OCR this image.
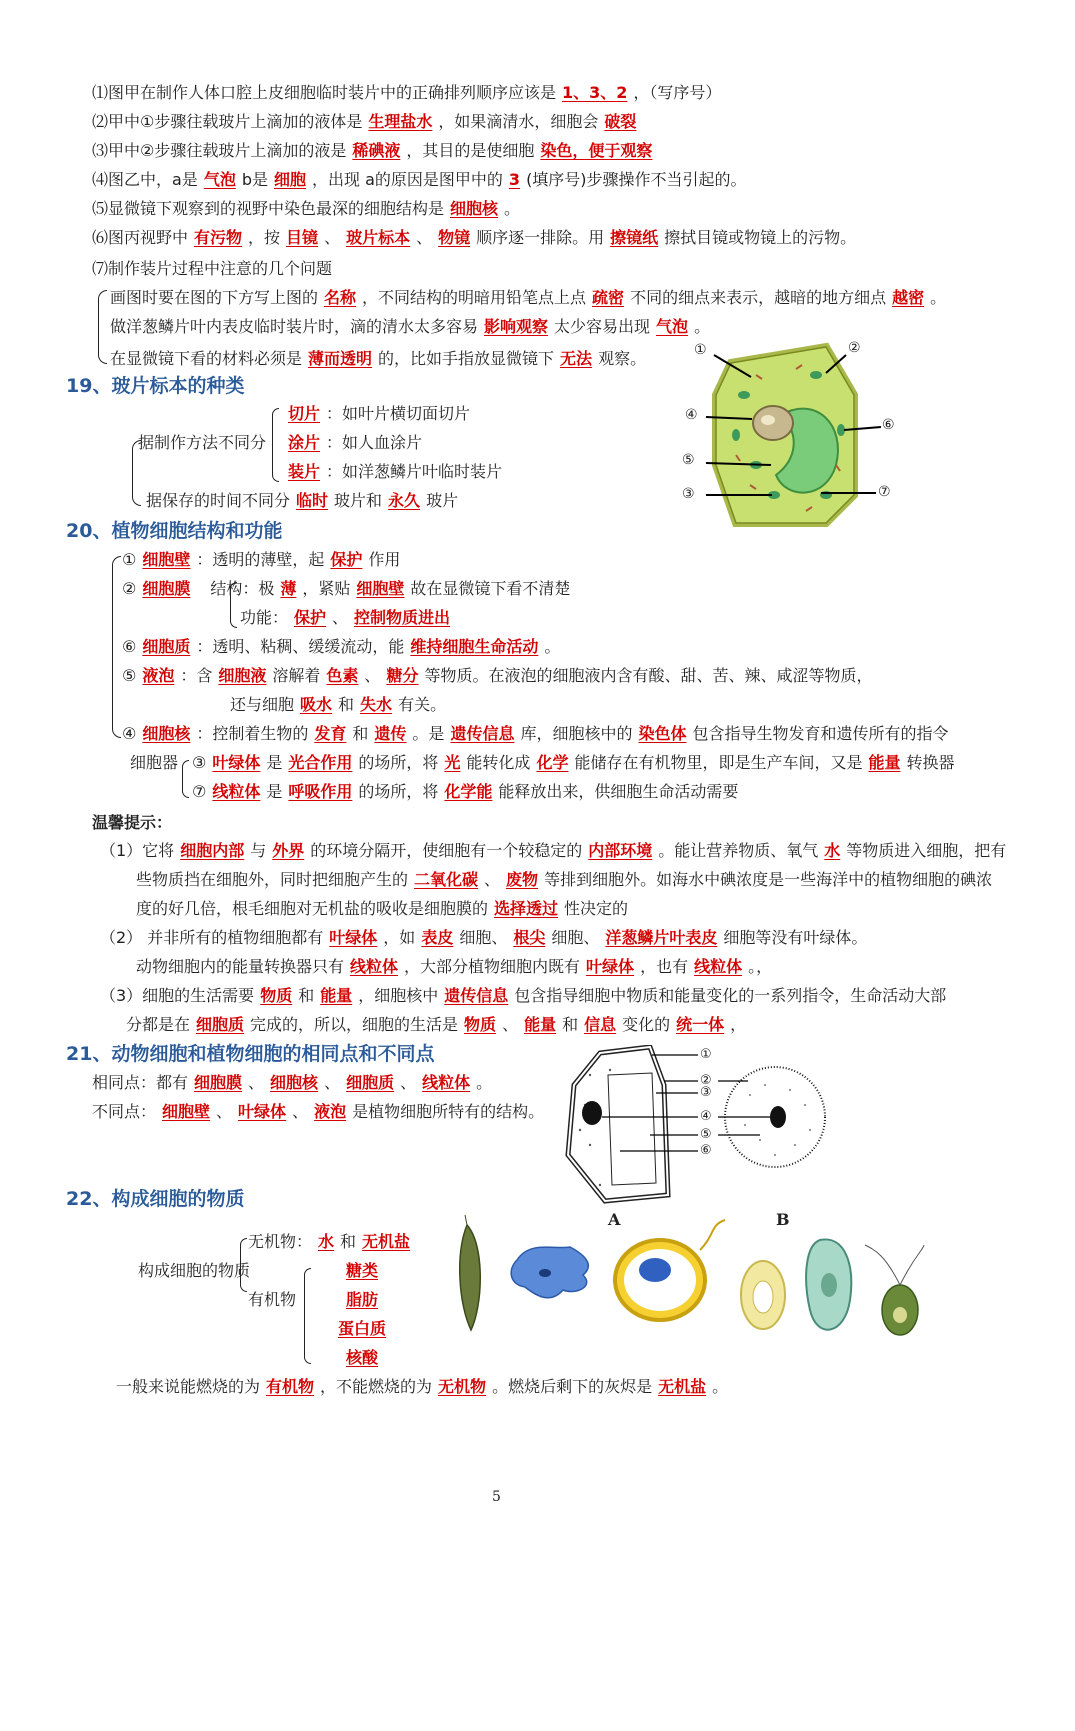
⑴图甲在制作人体口腔上皮细胞临时装片中的正确排列顺序应该是 1、3、2 ，（写序号）
⑵甲中①步骤往载玻片上滴加的液体是 生理盐水 ，如果滴清水，细胞会 破裂
⑶甲中②步骤往载玻片上滴加的液是 稀碘液 ，其目的是使细胞 染色，便于观察
⑷图乙中，a是 气泡 b是 细胞 ，出现 a的原因是图甲中的 3 (填序号)步骤操作不当引起的。
⑸显微镜下观察到的视野中染色最深的细胞结构是 细胞核 。
⑹图丙视野中 有污物 ，按 目镜 、 玻片标本 、 物镜 顺序逐一排除。用 擦镜纸 擦拭目镜或物镜上的污物。
⑺制作装片过程中注意的几个问题
画图时要在图的下方写上图的 名称 ，不同结构的明暗用铅笔点上点 疏密 不同的细点来表示，越暗的地方细点 越密 。
做洋葱鳞片叶内表皮临时装片时，滴的清水太多容易 影响观察 太少容易出现 气泡 。
在显微镜下看的材料必须是 薄而透明 的，比如手指放显微镜下 无法 观察。
19、玻片标本的种类
据制作方法不同分
切片 ：如叶片横切面切片
涂片 ：如人血涂片
装片 ：如洋葱鳞片叶临时装片
据保存的时间不同分 临时 玻片和 永久 玻片
①	②
④
⑥
⑤
③	⑦
20、植物细胞结构和功能
① 细胞壁 ：透明的薄壁，起 保护 作用
② 细胞膜 结构：极 薄 ，紧贴 细胞壁 故在显微镜下看不清楚
功能： 保护 、 控制物质进出
⑥ 细胞质 ：透明、粘稠、缓缓流动，能 维持细胞生命活动 。
⑤ 液泡 ：含 细胞液 溶解着 色素 、 糖分 等物质。在液泡的细胞液内含有酸、甜、苦、辣、咸涩等物质，
还与细胞 吸水 和 失水 有关。
④ 细胞核 ：控制着生物的 发育 和 遗传 。是 遗传信息 库，细胞核中的 染色体 包含指导生物发育和遗传所有的指令
细胞器 ③ 叶绿体 是 光合作用 的场所，将 光 能转化成 化学 能储存在有机物里，即是生产车间，又是 能量 转换器
⑦ 线粒体 是 呼吸作用 的场所，将 化学能 能释放出来，供细胞生命活动需要
温馨提示：
（1）它将 细胞内部 与 外界 的环境分隔开，使细胞有一个较稳定的 内部环境 。能让营养物质、氧气 水 等物质进入细胞，把有
些物质挡在细胞外，同时把细胞产生的 二氧化碳 、 废物 等排到细胞外。如海水中碘浓度是一些海洋中的植物细胞的碘浓
度的好几倍，根毛细胞对无机盐的吸收是细胞膜的 选择透过 性决定的
（2） 并非所有的植物细胞都有 叶绿体 ，如 表皮 细胞、 根尖 细胞、 洋葱鳞片叶表皮 细胞等没有叶绿体。
动物细胞内的能量转换器只有 线粒体 ，大部分植物细胞内既有 叶绿体 ，也有 线粒体 。，
（3）细胞的生活需要 物质 和 能量 ，细胞核中 遗传信息 包含指导细胞中物质和能量变化的一系列指令，生命活动大部
分都是在 细胞质 完成的，所以，细胞的生活是 物质 、 能量 和 信息 变化的 统一体 ，
21、动物细胞和植物细胞的相同点和不同点
相同点：都有 细胞膜 、 细胞核 、 细胞质 、 线粒体 。
不同点： 细胞壁 、 叶绿体 、 液泡 是植物细胞所特有的结构。
①
②
③
④
⑤
⑥
A	B
22、构成细胞的物质
构成细胞的物质
无机物： 水 和 无机盐
有机物
糖类
脂肪
蛋白质
核酸
一般来说能燃烧的为 有机物 ，不能燃烧的为 无机物 。燃烧后剩下的灰烬是 无机盐 。
5
